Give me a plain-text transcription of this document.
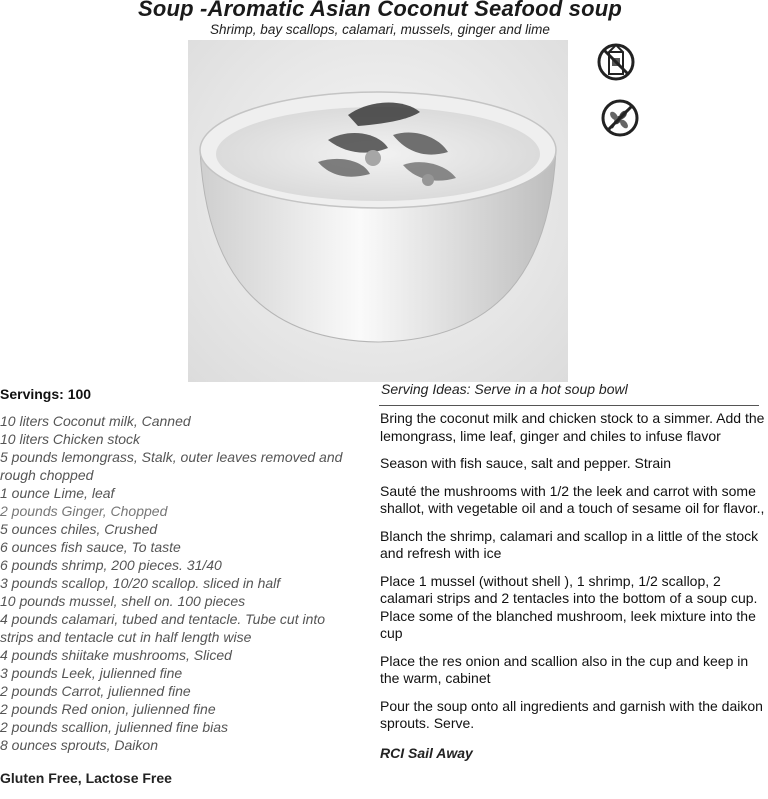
Soup -Aromatic Asian Coconut Seafood soup
Shrimp, bay scallops, calamari, mussels, ginger and lime
Servings: 100	Serving Ideas: Serve in a hot soup bowl

10 liters Coconut milk, Canned

10 liters Chicken stock

5 pounds lemongrass, Stalk, outer leaves removed and rough chopped

1 ounce Lime, leaf

2 pounds Ginger, Chopped

5 ounces chiles, Crushed

6 ounces fish sauce, To taste

6 pounds shrimp, 200 pieces. 31/40

3 pounds scallop, 10/20 scallop. sliced in half

10 pounds mussel, shell on. 100 pieces

4 pounds calamari, tubed and tentacle. Tube cut into strips and tentacle cut in half length wise

4 pounds shiitake mushrooms, Sliced

3 pounds Leek, julienned fine

2 pounds Carrot, julienned fine

2 pounds Red onion, julienned fine

2 pounds scallion, julienned fine bias

8 ounces sprouts, Daikon

Gluten Free, Lactose Free

Bring the coconut milk and chicken stock to a simmer. Add the lemongrass, lime leaf, ginger and chiles to infuse flavor

Season with fish sauce, salt and pepper. Strain

Sauté the mushrooms with 1/2 the leek and carrot with some shallot, with vegetable oil and a touch of sesame oil for flavor.,

Blanch the shrimp, calamari and scallop in a little of the stock and refresh with ice

Place 1 mussel (without shell ), 1 shrimp, 1/2 scallop, 2 calamari strips and 2 tentacles into the bottom of a soup cup. Place some of the blanched mushroom, leek mixture into the cup

Place the res onion and scallion also in the cup and keep in the warm, cabinet

Pour the soup onto all ingredients and garnish with the daikon sprouts. Serve.

RCI Sail Away
